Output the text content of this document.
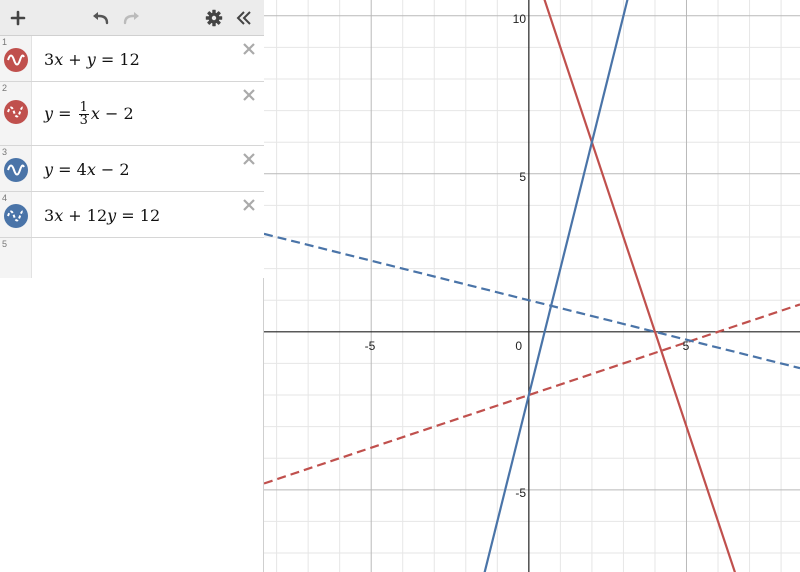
1
3x + y = 12
2
$y = \frac{1}{3}$ x − 2
3
y = 4x − 2
4
3x + 12y = 12
5
-5	0	5
10
5
-5
